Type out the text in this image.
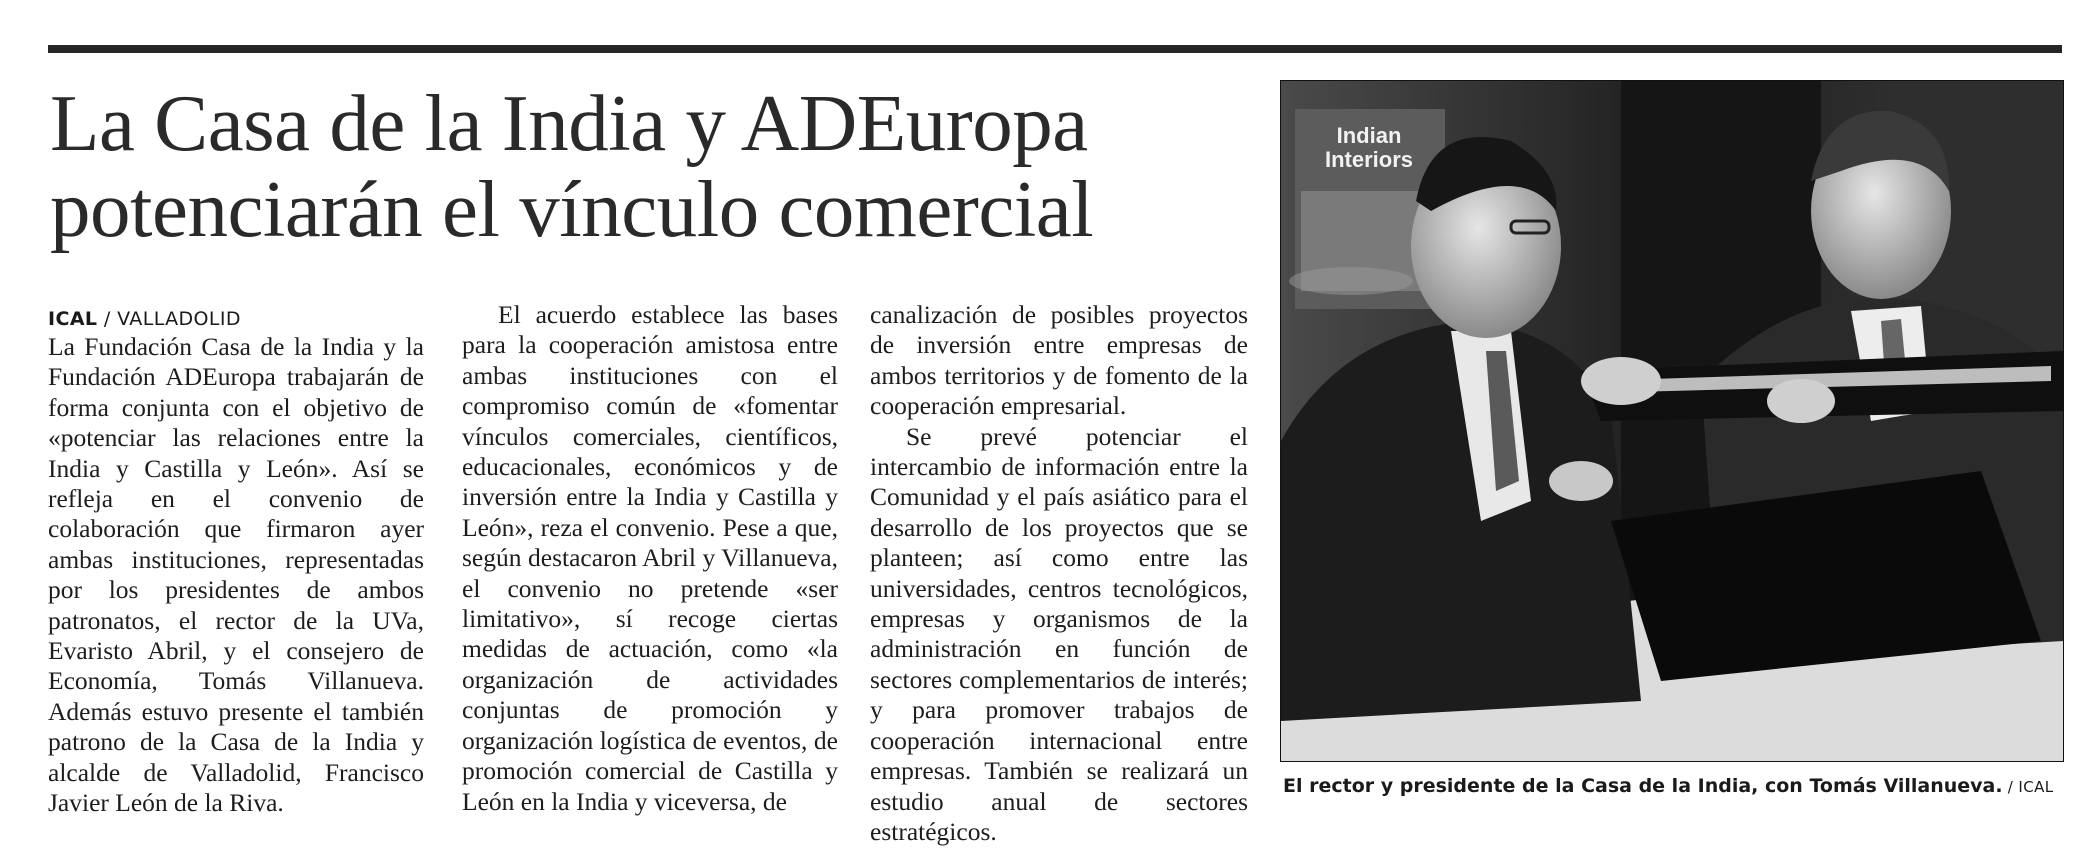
La Casa de la India y ADEuropa
potenciarán el vínculo comercial
ICAL / VALLADOLID

La Fundación Casa de la India y la Fundación ADEuropa trabajarán de forma conjunta con el objetivo de «potenciar las relaciones entre la India y Castilla y León». Así se refleja en el convenio de colaboración que firmaron ayer ambas instituciones, representadas por los presidentes de ambos patronatos, el rector de la UVa, Evaristo Abril, y el consejero de Economía, Tomás Villanueva. Además estuvo presente el también patrono de la Casa de la India y alcalde de Valladolid, Francisco Javier León de la Riva.

El acuerdo establece las bases para la cooperación amistosa entre ambas instituciones con el compromiso común de «fomentar vínculos comerciales, científicos, educacionales, económicos y de inversión entre la India y Castilla y León», reza el convenio. Pese a que, según destacaron Abril y Villanueva, el convenio no pretende «ser limitativo», sí recoge ciertas medidas de actuación, como «la organización de actividades conjuntas de promoción y organización logística de eventos, de promoción comercial de Castilla y León en la India y viceversa, de

canalización de posibles proyectos de inversión entre empresas de ambos territorios y de fomento de la cooperación empresarial.

Se prevé potenciar el intercambio de información entre la Comunidad y el país asiático para el desarrollo de los proyectos que se planteen; así como entre las universidades, centros tecnológicos, empresas y organismos de la administración en función de sectores complementarios de interés; y para promover trabajos de cooperación internacional entre empresas. También se realizará un estudio anual de sectores estratégicos.

Indian
Interiors
El rector y presidente de la Casa de la India, con Tomás Villanueva. / ICAL
